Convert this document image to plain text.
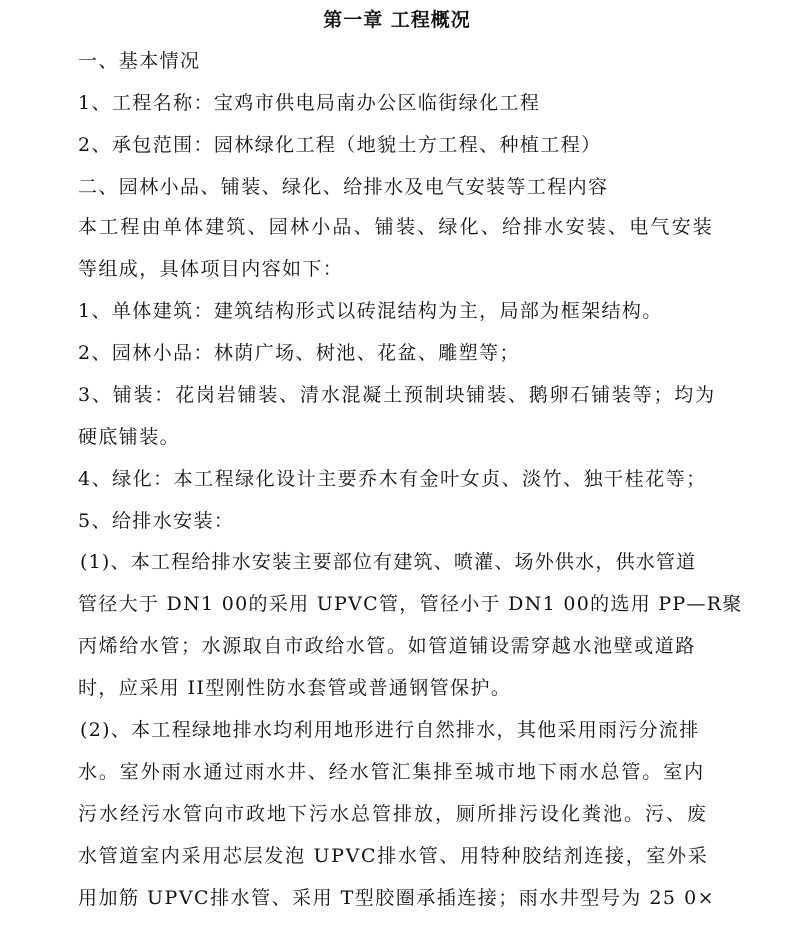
第一章 工程概况
一、基本情况
1、工程名称：宝鸡市供电局南办公区临街绿化工程
2、承包范围：园林绿化工程（地貌土方工程、种植工程）
二、园林小品、铺装、绿化、给排水及电气安装等工程内容
本工程由单体建筑、园林小品、铺装、绿化、给排水安装、电气安装
等组成，具体项目内容如下：
1、单体建筑：建筑结构形式以砖混结构为主，局部为框架结构。
2、园林小品：林荫广场、树池、花盆、雕塑等；
3、铺装：花岗岩铺装、清水混凝土预制块铺装、鹅卵石铺装等；均为
硬底铺装。
4、绿化：本工程绿化设计主要乔木有金叶女贞、淡竹、独干桂花等；
5、给排水安装：
(1)、本工程给排水安装主要部位有建筑、喷灌、场外供水，供水管道
管径大于 DN1 00的采用 UPVC管，管径小于 DN1 00的选用 PP—R聚
丙烯给水管；水源取自市政给水管。如管道铺设需穿越水池壁或道路
时，应采用 II型刚性防水套管或普通钢管保护。
(2)、本工程绿地排水均利用地形进行自然排水，其他采用雨污分流排
水。室外雨水通过雨水井、经水管汇集排至城市地下雨水总管。室内
污水经污水管向市政地下污水总管排放，厕所排污设化粪池。污、废
水管道室内采用芯层发泡 UPVC排水管、用特种胶结剂连接，室外采
用加筋 UPVC排水管、采用 T型胶圈承插连接；雨水井型号为 25 0×
